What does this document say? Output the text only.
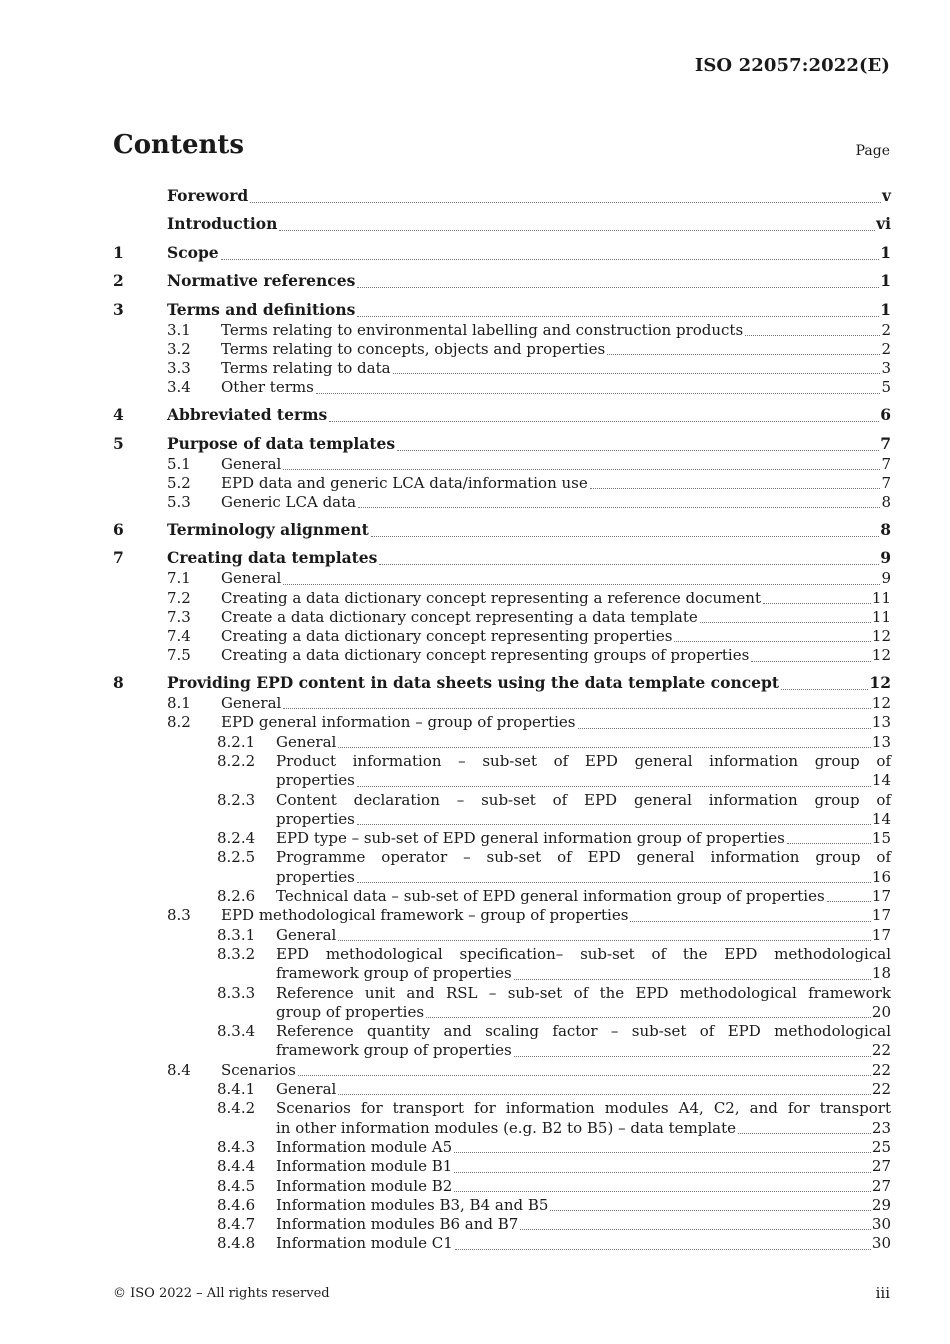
ISO 22057:2022(E)
Contents	Page
Foreword	v
Introduction	vi
1	Scope	1
2	Normative references	1
3	Terms and definitions	1
3.1	Terms relating to environmental labelling and construction products	2
3.2	Terms relating to concepts, objects and properties	2
3.3	Terms relating to data	3
3.4	Other terms	5
4	Abbreviated terms	6
5	Purpose of data templates	7
5.1	General	7
5.2	EPD data and generic LCA data/information use	7
5.3	Generic LCA data	8
6	Terminology alignment	8
7	Creating data templates	9
7.1	General	9
7.2	Creating a data dictionary concept representing a reference document	11
7.3	Create a data dictionary concept representing a data template	11
7.4	Creating a data dictionary concept representing properties	12
7.5	Creating a data dictionary concept representing groups of properties	12
8	Providing EPD content in data sheets using the data template concept	12
8.1	General	12
8.2	EPD general information – group of properties	13
8.2.1	General	13
8.2.2	Product information – sub-set of EPD general information group of
properties	14
8.2.3	Content declaration – sub-set of EPD general information group of
properties	14
8.2.4	EPD type – sub-set of EPD general information group of properties	15
8.2.5	Programme operator – sub-set of EPD general information group of
properties	16
8.2.6	Technical data – sub-set of EPD general information group of properties	17
8.3	EPD methodological framework – group of properties	17
8.3.1	General	17
8.3.2	EPD methodological specification– sub-set of the EPD methodological
framework group of properties	18
8.3.3	Reference unit and RSL – sub-set of the EPD methodological framework
group of properties	20
8.3.4	Reference quantity and scaling factor – sub-set of EPD methodological
framework group of properties	22
8.4	Scenarios	22
8.4.1	General	22
8.4.2	Scenarios for transport for information modules A4, C2, and for transport
in other information modules (e.g. B2 to B5) – data template	23
8.4.3	Information module A5	25
8.4.4	Information module B1	27
8.4.5	Information module B2	27
8.4.6	Information modules B3, B4 and B5	29
8.4.7	Information modules B6 and B7	30
8.4.8	Information module C1	30
© ISO 2022 – All rights reserved	iii
